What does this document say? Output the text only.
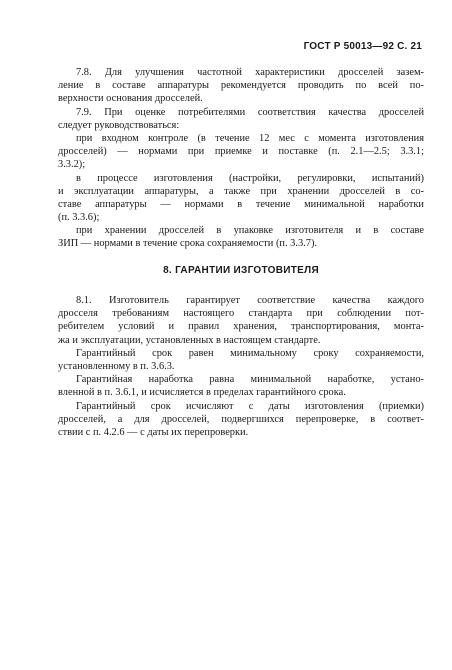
ГОСТ Р 50013—92 С. 21
7.8. Для улучшения частотной характеристики дросселей зазем-
ление в составе аппаратуры рекомендуется проводить по всей по-
верхности основания дросселей.
7.9. При оценке потребителями соответствия качества дросселей
следует руководствоваться:
при входном контроле (в течение 12 мес с момента изготовления
дросселей) — нормами при приемке и поставке (п. 2.1—2.5; 3.3.1;
3.3.2);
в процессе изготовления (настройки, регулировки, испытаний)
и эксплуатации аппаратуры, а также при хранении дросселей в со-
ставе аппаратуры — нормами в течение минимальной наработки
(п. 3.3.6);
при хранении дросселей в упаковке изготовителя и в составе
ЗИП — нормами в течение срока сохраняемости (п. 3.3.7).
8. ГАРАНТИИ ИЗГОТОВИТЕЛЯ
8.1. Изготовитель гарантирует соответствие качества каждого
дросселя требованиям настоящего стандарта при соблюдении пот-
ребителем условий и правил хранения, транспортирования, монта-
жа и эксплуатации, установленных в настоящем стандарте.
Гарантийный срок равен минимальному сроку сохраняемости,
установленному в п. 3.6.3.
Гарантийная наработка равна минимальной наработке, устано-
вленной в п. 3.6.1, и исчисляется в пределах гарантийного срока.
Гарантийный срок исчисляют с даты изготовления (приемки)
дросселей, а для дросселей, подвергшихся перепроверке, в соответ-
ствии с п. 4.2.6 — с даты их перепроверки.
